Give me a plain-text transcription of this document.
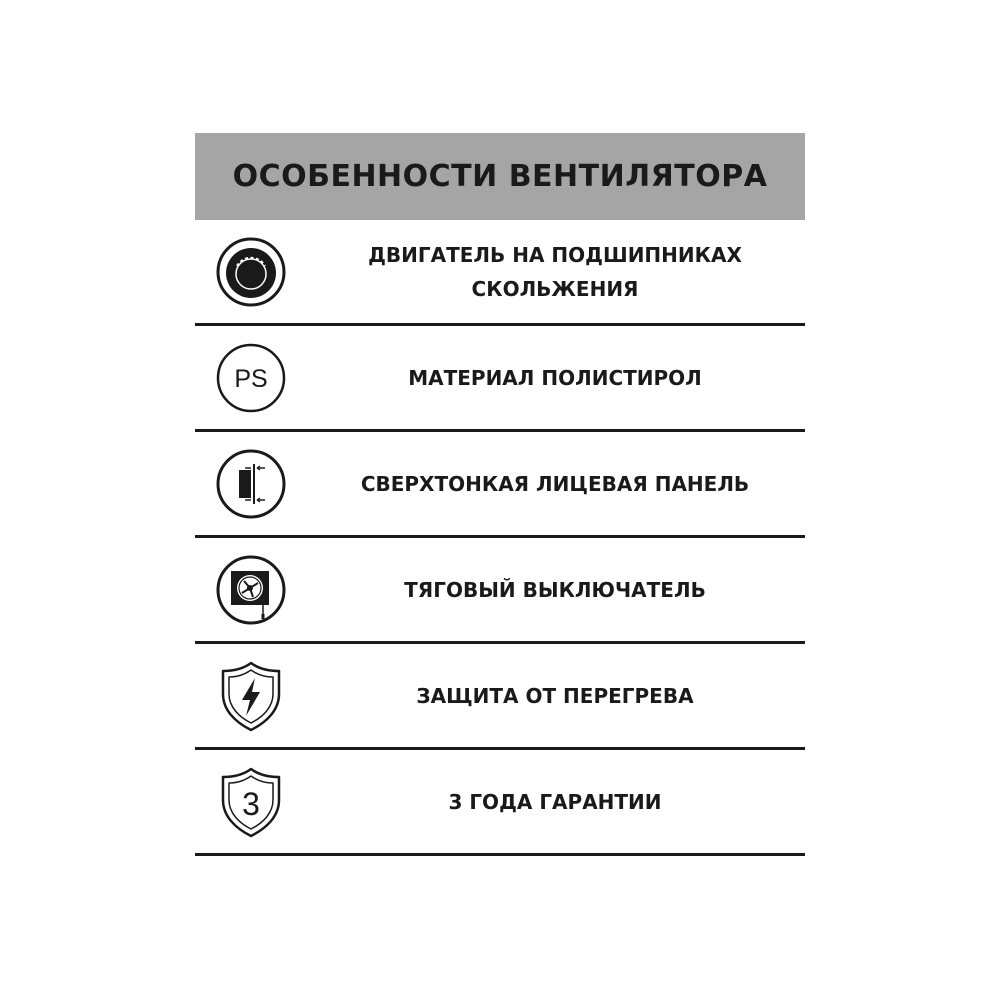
ОСОБЕННОСТИ ВЕНТИЛЯТОРА
ДВИГАТЕЛЬ НА ПОДШИПНИКАХ
СКОЛЬЖЕНИЯ
PS	МАТЕРИАЛ ПОЛИСТИРОЛ
СВЕРХТОНКАЯ ЛИЦЕВАЯ ПАНЕЛЬ
ТЯГОВЫЙ ВЫКЛЮЧАТЕЛЬ
ЗАЩИТА ОТ ПЕРЕГРЕВА
3	3 ГОДА ГАРАНТИИ
